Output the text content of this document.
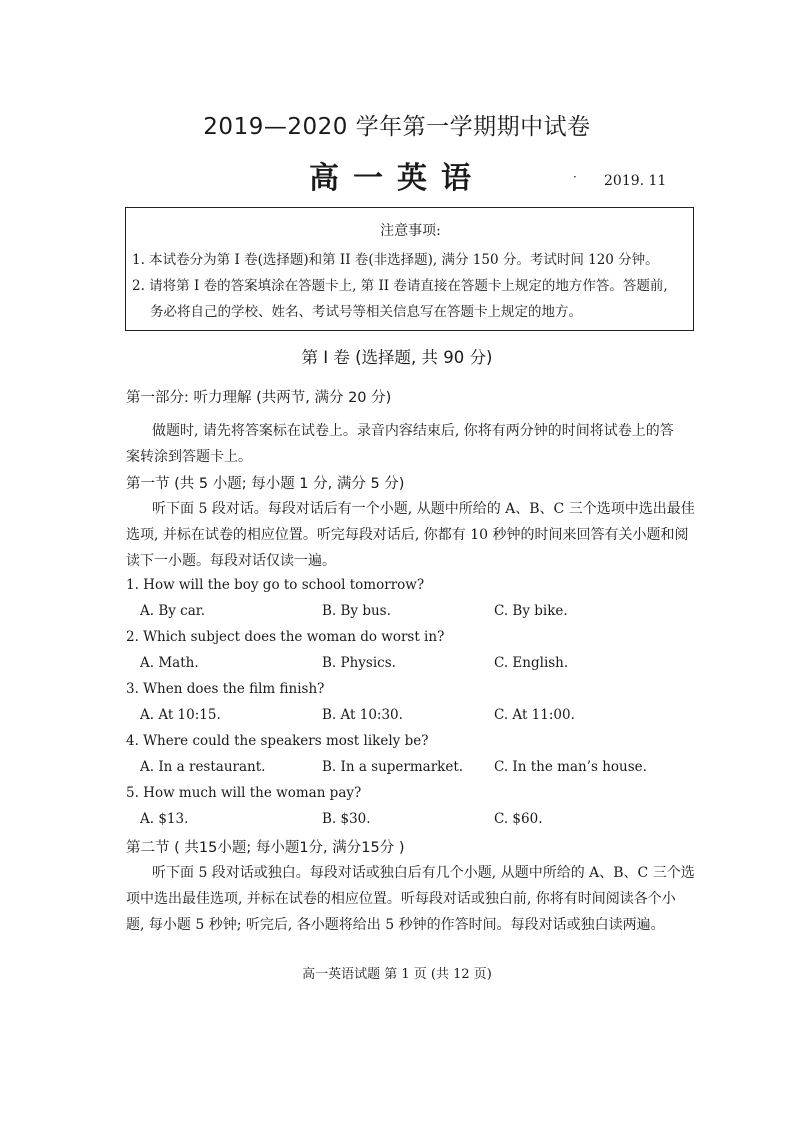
2019—2020 学年第一学期期中试卷
高一英语	· 2019. 11
注意事项:
1. 本试卷分为第 I 卷(选择题)和第 II 卷(非选择题), 满分 150 分。考试时间 120 分钟。
2. 请将第 I 卷的答案填涂在答题卡上, 第 II 卷请直接在答题卡上规定的地方作答。答题前,
务必将自己的学校、姓名、考试号等相关信息写在答题卡上规定的地方。
第 I 卷 (选择题, 共 90 分)
第一部分: 听力理解 (共两节, 满分 20 分)
做题时, 请先将答案标在试卷上。录音内容结束后, 你将有两分钟的时间将试卷上的答
案转涂到答题卡上。
第一节 (共 5 小题; 每小题 1 分, 满分 5 分)
听下面 5 段对话。每段对话后有一个小题, 从题中所给的 A、B、C 三个选项中选出最佳
选项, 并标在试卷的相应位置。听完每段对话后, 你都有 10 秒钟的时间来回答有关小题和阅
读下一小题。每段对话仅读一遍。
1. How will the boy go to school tomorrow?
A. By car.	B. By bus.	C. By bike.
2. Which subject does the woman do worst in?
A. Math.	B. Physics.	C. English.
3. When does the film finish?
A. At 10:15.	B. At 10:30.	C. At 11:00.
4. Where could the speakers most likely be?
A. In a restaurant.	B. In a supermarket. C. In the man’s house.
5. How much will the woman pay?
A. $13.	B. $30.	C. $60.
第二节 ( 共15小题; 每小题1分, 满分15分 )
听下面 5 段对话或独白。每段对话或独白后有几个小题, 从题中所给的 A、B、C 三个选
项中选出最佳选项, 并标在试卷的相应位置。听每段对话或独白前, 你将有时间阅读各个小
题, 每小题 5 秒钟; 听完后, 各小题将给出 5 秒钟的作答时间。每段对话或独白读两遍。
高一英语试题 第 1 页 (共 12 页)
